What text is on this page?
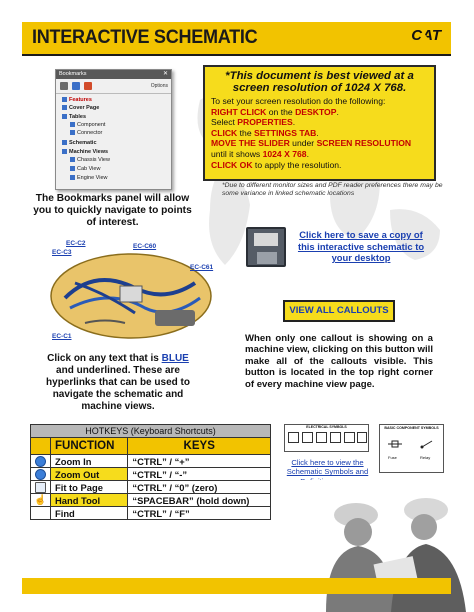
INTERACTIVE SCHEMATIC	CAT
Bookmarks	✕
Options
Features
Cover Page
Tables
Component
Connector
Schematic
Machine Views
Chassis View
Cab View
Engine View
The Bookmarks panel will allow you to quickly navigate to points of interest.
*This document is best viewed at a screen resolution of 1024 X 768.
To set your screen resolution do the following:
RIGHT CLICK on the DESKTOP.
Select PROPERTIES.
CLICK the SETTINGS TAB.
MOVE THE SLIDER under SCREEN RESOLUTION
until it shows 1024 X 768.
CLICK OK to apply the resolution.
*Due to different monitor sizes and PDF reader preferences there may be some variance in linked schematic locations
EC-C2
EC-C3
EC-C60
EC-C61
EC-C1
Click on any text that is BLUE and underlined. These are hyperlinks that can be used to navigate the schematic and machine views.
Click here to save a copy of this interactive schematic to your desktop
VIEW ALL CALLOUTS
When only one callout is showing on a machine view, clicking on this button will make all of the callouts visible. This button is located in the top right corner of every machine view page.
HOTKEYS (Keyboard Shortcuts)		
	FUNCTION	KEYS
	Zoom In	“CTRL” / “+”
	Zoom Out	“CTRL” / “-”
	Fit to Page	“CTRL” / “0” (zero)
☝	Hand Tool	“SPACEBAR” (hold down)
	Find	“CTRL” / “F”
ELECTRICAL SYMBOLS	BASIC COMPONENT SYMBOLS
Fuse	Relay
Click here to view the Schematic Symbols and
